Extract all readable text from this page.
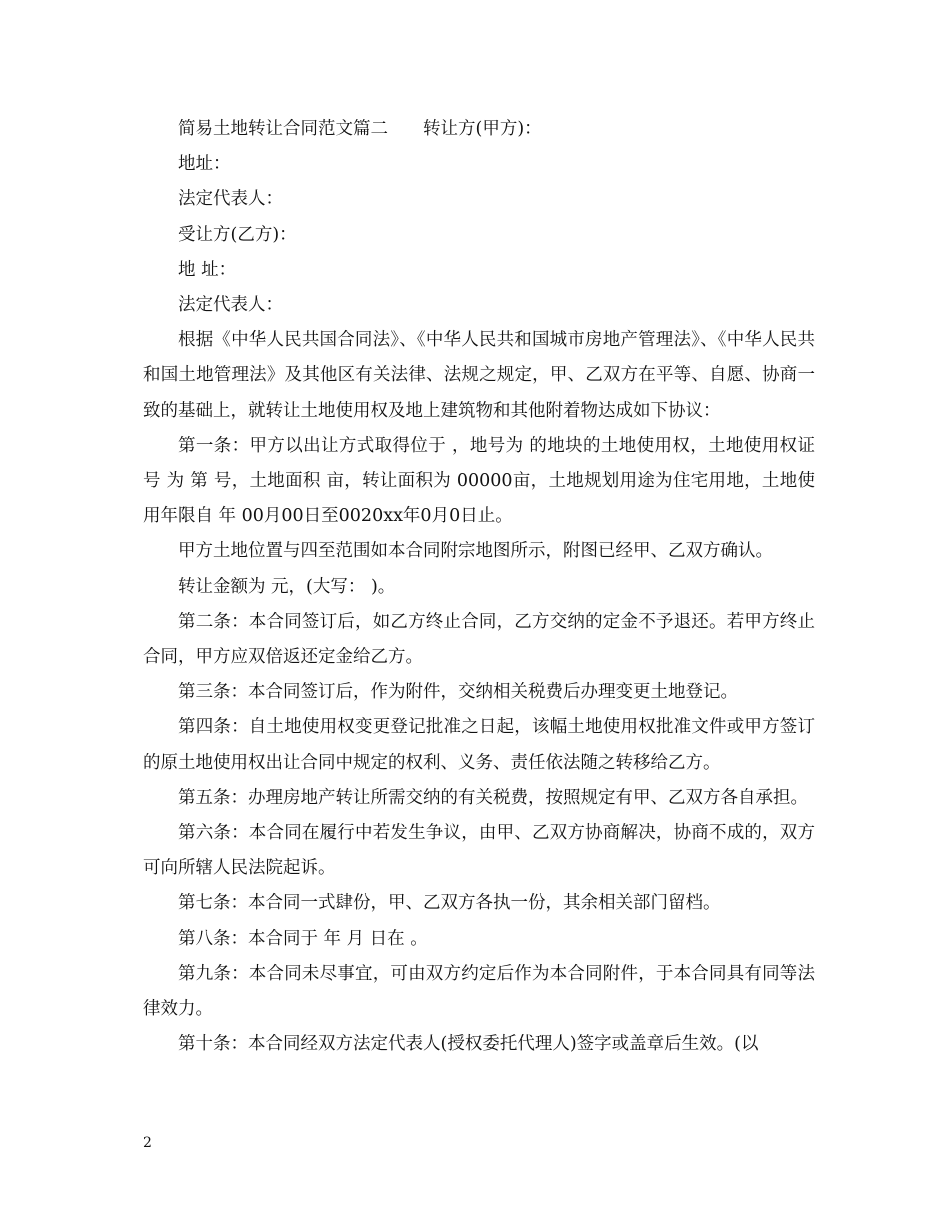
简易土地转让合同范文篇二　　转让方(甲方)：

地址：

法定代表人：

受让方(乙方)：

地 址：

法定代表人：

根据《中华人民共国合同法》、《中华人民共和国城市房地产管理法》、《中华人民共和国土地管理法》及其他区有关法律、法规之规定，甲、乙双方在平等、自愿、协商一致的基础上，就转让土地使用权及地上建筑物和其他附着物达成如下协议：

第一条：甲方以出让方式取得位于 ，地号为 的地块的土地使用权，土地使用权证号 为 第 号，土地面积 亩，转让面积为 00000亩，土地规划用途为住宅用地，土地使用年限自 年 00月00日至0020xx年0月0日止。

甲方土地位置与四至范围如本合同附宗地图所示，附图已经甲、乙双方确认。

转让金额为 元，(大写： )。

第二条：本合同签订后，如乙方终止合同，乙方交纳的定金不予退还。若甲方终止合同，甲方应双倍返还定金给乙方。

第三条：本合同签订后，作为附件，交纳相关税费后办理变更土地登记。

第四条：自土地使用权变更登记批准之日起，该幅土地使用权批准文件或甲方签订的原土地使用权出让合同中规定的权利、义务、责任依法随之转移给乙方。

第五条：办理房地产转让所需交纳的有关税费，按照规定有甲、乙双方各自承担。

第六条：本合同在履行中若发生争议，由甲、乙双方协商解决，协商不成的，双方可向所辖人民法院起诉。

第七条：本合同一式肆份，甲、乙双方各执一份，其余相关部门留档。

第八条：本合同于 年 月 日在 。

第九条：本合同未尽事宜，可由双方约定后作为本合同附件，于本合同具有同等法律效力。

第十条：本合同经双方法定代表人(授权委托代理人)签字或盖章后生效。(以

2
